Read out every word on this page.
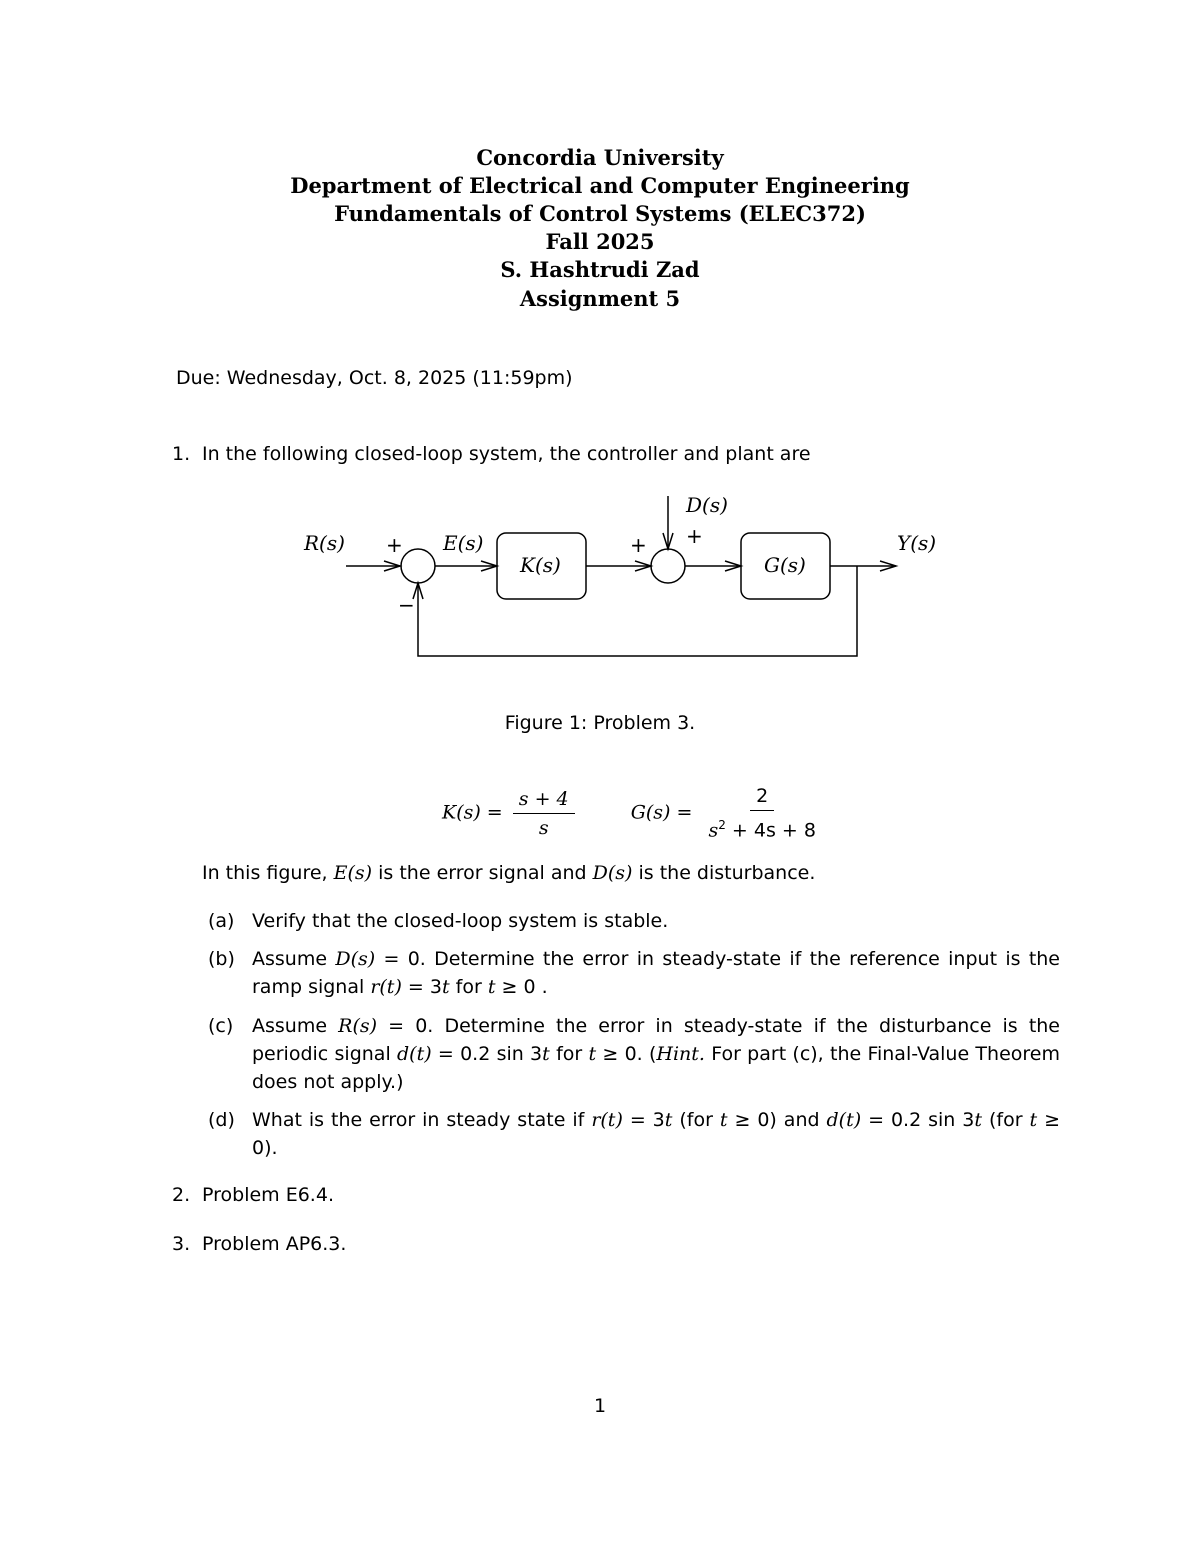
Concordia University
Department of Electrical and Computer Engineering
Fundamentals of Control Systems (ELEC372)
Fall 2025
S. Hashtrudi Zad
Assignment 5
Due: Wednesday, Oct. 8, 2025 (11:59pm)
1. In the following closed-loop system, the controller and plant are
R(s) + E(s)
−
K(s)
+ +
D(s)
G(s)
Y(s)
Figure 1: Problem 3.
$K(s) = \frac{s + 4}{s}$	$G(s) = \frac{2}{s^2 + 4s + 8}$
In this figure, E(s) is the error signal and D(s) is the disturbance.
(a) Verify that the closed-loop system is stable.
(b) Assume D(s) = 0. Determine the error in steady-state if the reference input is the ramp signal r(t) = 3t for t ≥ 0 .
(c) Assume R(s) = 0. Determine the error in steady-state if the disturbance is the periodic signal d(t) = 0.2 sin 3t for t ≥ 0. (Hint. For part (c), the Final-Value Theorem does not apply.)
(d) What is the error in steady state if r(t) = 3t (for t ≥ 0) and d(t) = 0.2 sin 3t (for t ≥ 0).
2. Problem E6.4.
3. Problem AP6.3.
1
